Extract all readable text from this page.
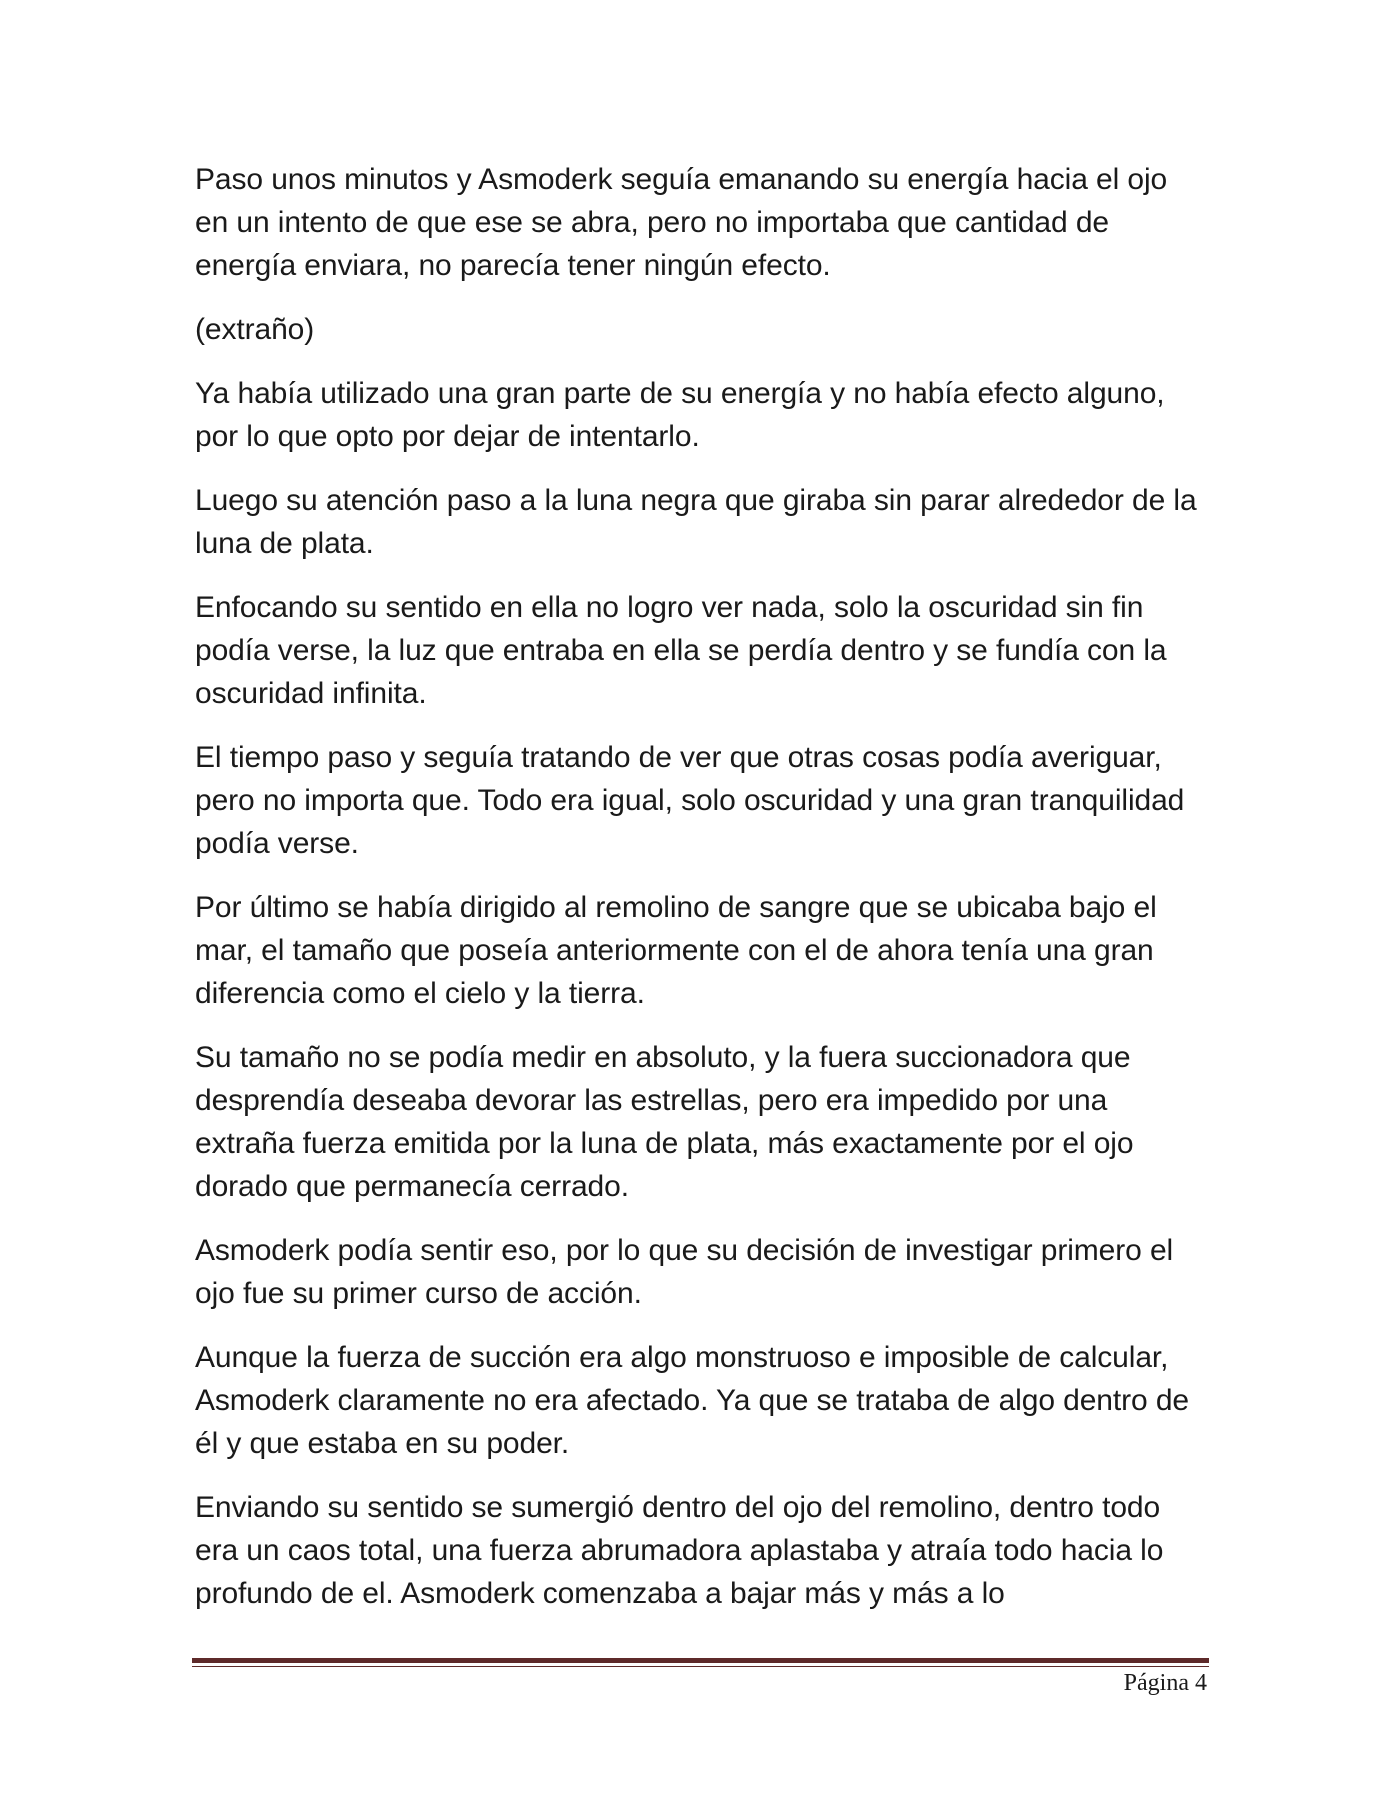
Paso unos minutos y Asmoderk seguía emanando su energía hacia el ojo en un intento de que ese se abra, pero no importaba que cantidad de energía enviara, no parecía tener ningún efecto.

(extraño)

Ya había utilizado una gran parte de su energía y no había efecto alguno, por lo que opto por dejar de intentarlo.

Luego su atención paso a la luna negra que giraba sin parar alrededor de la luna de plata.

Enfocando su sentido en ella no logro ver nada, solo la oscuridad sin fin podía verse, la luz que entraba en ella se perdía dentro y se fundía con la oscuridad infinita.

El tiempo paso y seguía tratando de ver que otras cosas podía averiguar, pero no importa que. Todo era igual, solo oscuridad y una gran tranquilidad podía verse.

Por último se había dirigido al remolino de sangre que se ubicaba bajo el mar, el tamaño que poseía anteriormente con el de ahora tenía una gran diferencia como el cielo y la tierra.

Su tamaño no se podía medir en absoluto, y la fuera succionadora que desprendía deseaba devorar las estrellas, pero era impedido por una extraña fuerza emitida por la luna de plata, más exactamente por el ojo dorado que permanecía cerrado.

Asmoderk podía sentir eso, por lo que su decisión de investigar primero el ojo fue su primer curso de acción.

Aunque la fuerza de succión era algo monstruoso e imposible de calcular, Asmoderk claramente no era afectado. Ya que se trataba de algo dentro de él y que estaba en su poder.

Enviando su sentido se sumergió dentro del ojo del remolino, dentro todo era un caos total, una fuerza abrumadora aplastaba y atraía todo hacia lo profundo de el. Asmoderk comenzaba a bajar más y más a lo

Página 4
